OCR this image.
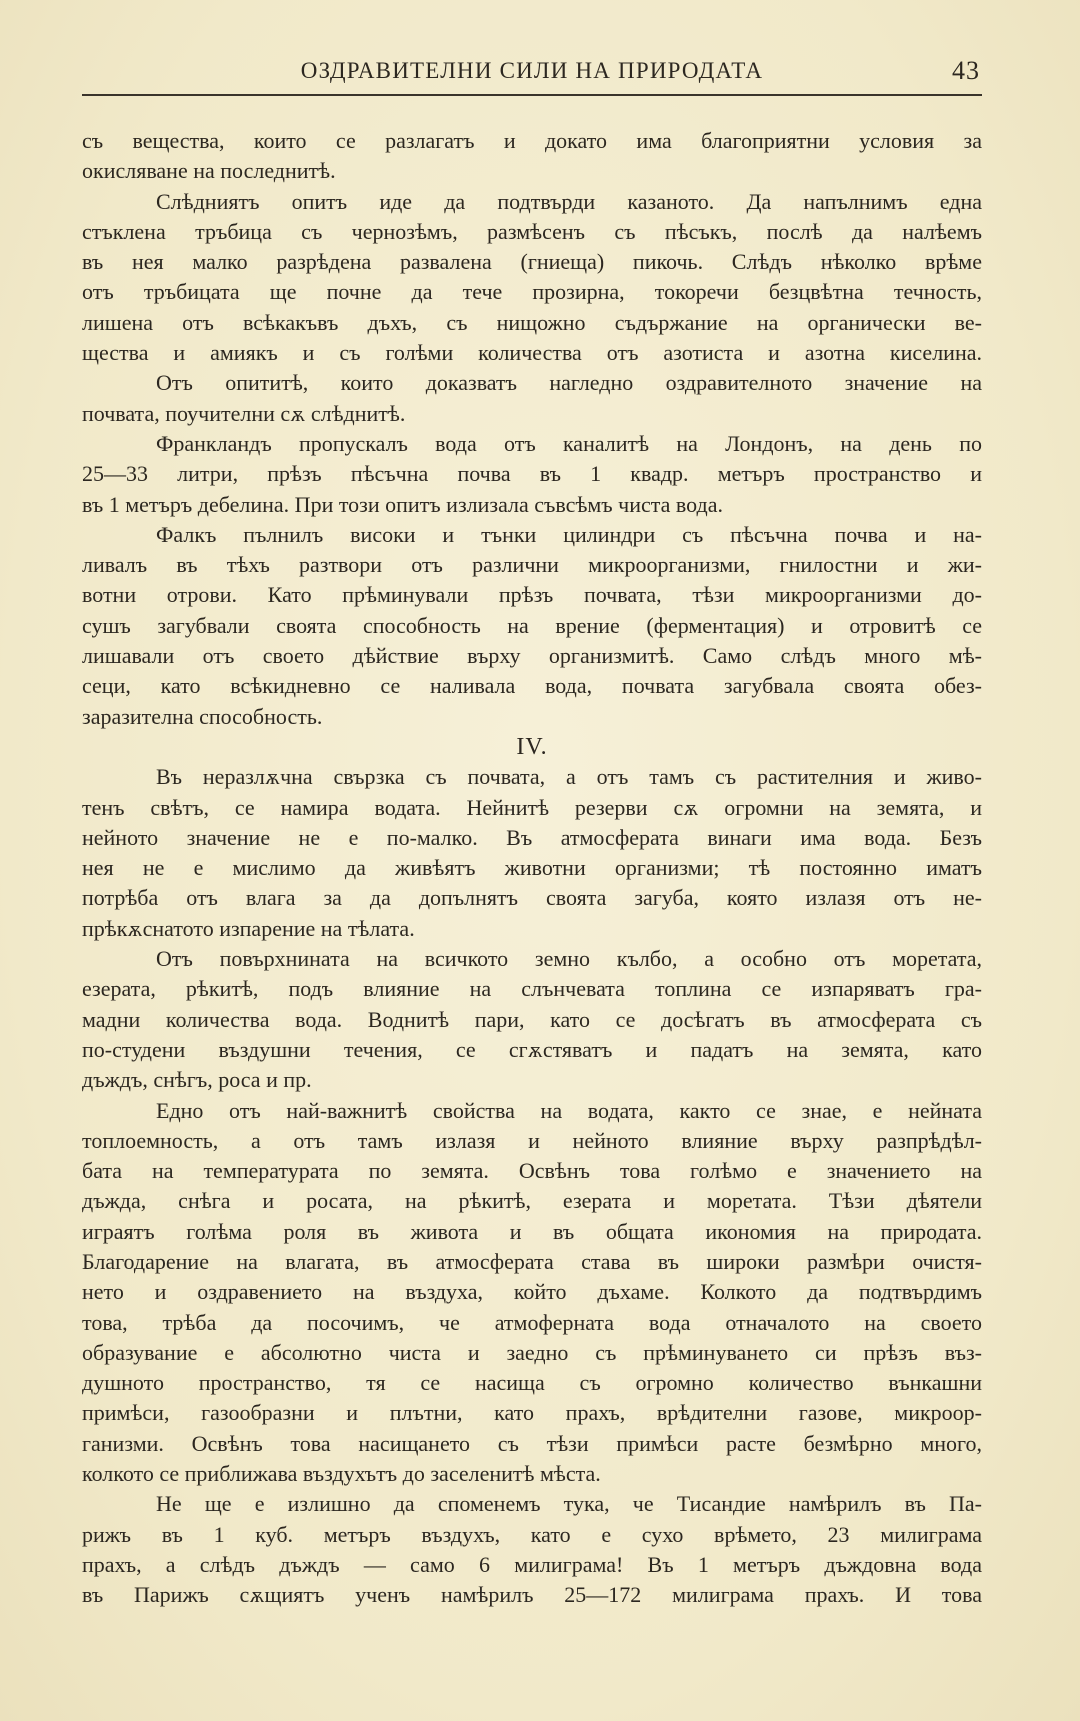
ОЗДРАВИТЕЛНИ СИЛИ НА ПРИРОДАТА	43
съ вещества, които се разлагатъ и докато има благоприятни условия за
окисляване на последнитѣ.
Слѣдниятъ опитъ иде да подтвърди казаното. Да напълнимъ една
стъклена тръбица съ чернозѣмъ, размѣсенъ съ пѣсъкъ, послѣ да налѣемъ
въ нея малко разрѣдена развалена (гниеща) пикочь. Слѣдъ нѣколко врѣме
отъ тръбицата ще почне да тече прозирна, токоречи безцвѣтна течность,
лишена отъ всѣкакъвъ дъхъ, съ нищожно съдържание на органически ве-
щества и амиякъ и съ голѣми количества отъ азотиста и азотна киселина.
Отъ опититѣ, които доказватъ нагледно оздравителното значение на
почвата, поучителни сѫ слѣднитѣ.
Франкландъ пропускалъ вода отъ каналитѣ на Лондонъ, на день по
25—33 литри, прѣзъ пѣсъчна почва въ 1 квадр. метъръ пространство и
въ 1 метъръ дебелина. При този опитъ излизала съвсѣмъ чиста вода.
Фалкъ пълнилъ високи и тънки цилиндри съ пѣсъчна почва и на-
ливалъ въ тѣхъ разтвори отъ различни микроорганизми, гнилостни и жи-
вотни отрови. Като прѣминували прѣзъ почвата, тѣзи микроорганизми до-
сушъ загубвали своята способность на врение (ферментация) и отровитѣ се
лишавали отъ своето дѣйствие върху организмитѣ. Само слѣдъ много мѣ-
сеци, като всѣкидневно се наливала вода, почвата загубвала своята обез-
заразителна способность.
IV.
Въ неразлѫчна свързка съ почвата, а отъ тамъ съ растителния и живо-
тенъ свѣтъ, се намира водата. Нейнитѣ резерви сѫ огромни на земята, и
нейното значение не е по-малко. Въ атмосферата винаги има вода. Безъ
нея не е мислимо да живѣятъ животни организми; тѣ постоянно иматъ
потрѣба отъ влага за да допълнятъ своята загуба, която излазя отъ не-
прѣкѫснатото изпарение на тѣлата.
Отъ повърхнината на всичкото земно кълбо, а особно отъ моретата,
езерата, рѣкитѣ, подъ влияние на слънчевата топлина се изпаряватъ гра-
мадни количества вода. Воднитѣ пари, като се досѣгатъ въ атмосферата съ
по-студени въздушни течения, се сгѫстяватъ и падатъ на земята, като
дъждъ, снѣгъ, роса и пр.
Едно отъ най-важнитѣ свойства на водата, както се знае, е нейната
топлоемность, а отъ тамъ излазя и нейното влияние върху разпрѣдѣл-
бата на температурата по земята. Освѣнъ това голѣмо е значението на
дъжда, снѣга и росата, на рѣкитѣ, езерата и моретата. Тѣзи дѣятели
играятъ голѣма роля въ живота и въ общата икономия на природата.
Благодарение на влагата, въ атмосферата става въ широки размѣри очистя-
нето и оздравението на въздуха, който дъхаме. Колкото да подтвърдимъ
това, трѣба да посочимъ, че атмоферната вода отначалото на своето
образувание е абсолютно чиста и заедно съ прѣминуването си прѣзъ въз-
душното пространство, тя се насища съ огромно количество вънкашни
примѣси, газообразни и плътни, като прахъ, врѣдителни газове, микроор-
ганизми. Освѣнъ това насищането съ тѣзи примѣси расте безмѣрно много,
колкото се приближава въздухътъ до заселенитѣ мѣста.
Не ще е излишно да споменемъ тука, че Тисандие намѣрилъ въ Па-
рижъ въ 1 куб. метъръ въздухъ, като е сухо врѣмето, 23 милиграма
прахъ, а слѣдъ дъждъ — само 6 милиграма! Въ 1 метъръ дъждовна вода
въ Парижъ сѫщиятъ ученъ намѣрилъ 25—172 милиграма прахъ. И това
